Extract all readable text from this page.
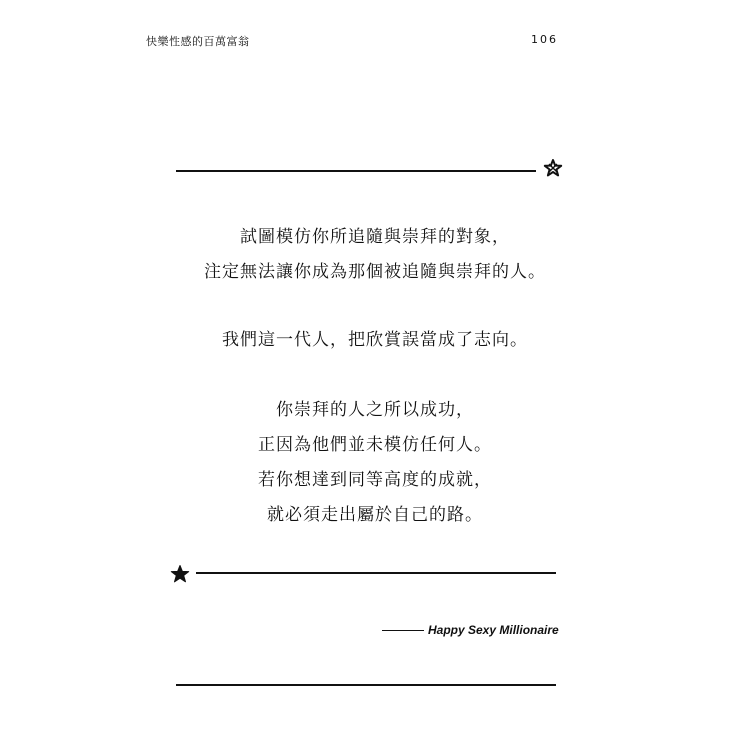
快樂性感的百萬富翁	106
試圖模仿你所追隨與崇拜的對象，
注定無法讓你成為那個被追隨與崇拜的人。
我們這一代人，把欣賞誤當成了志向。
你崇拜的人之所以成功，
正因為他們並未模仿任何人。
若你想達到同等高度的成就，
就必須走出屬於自己的路。
Happy Sexy Millionaire
